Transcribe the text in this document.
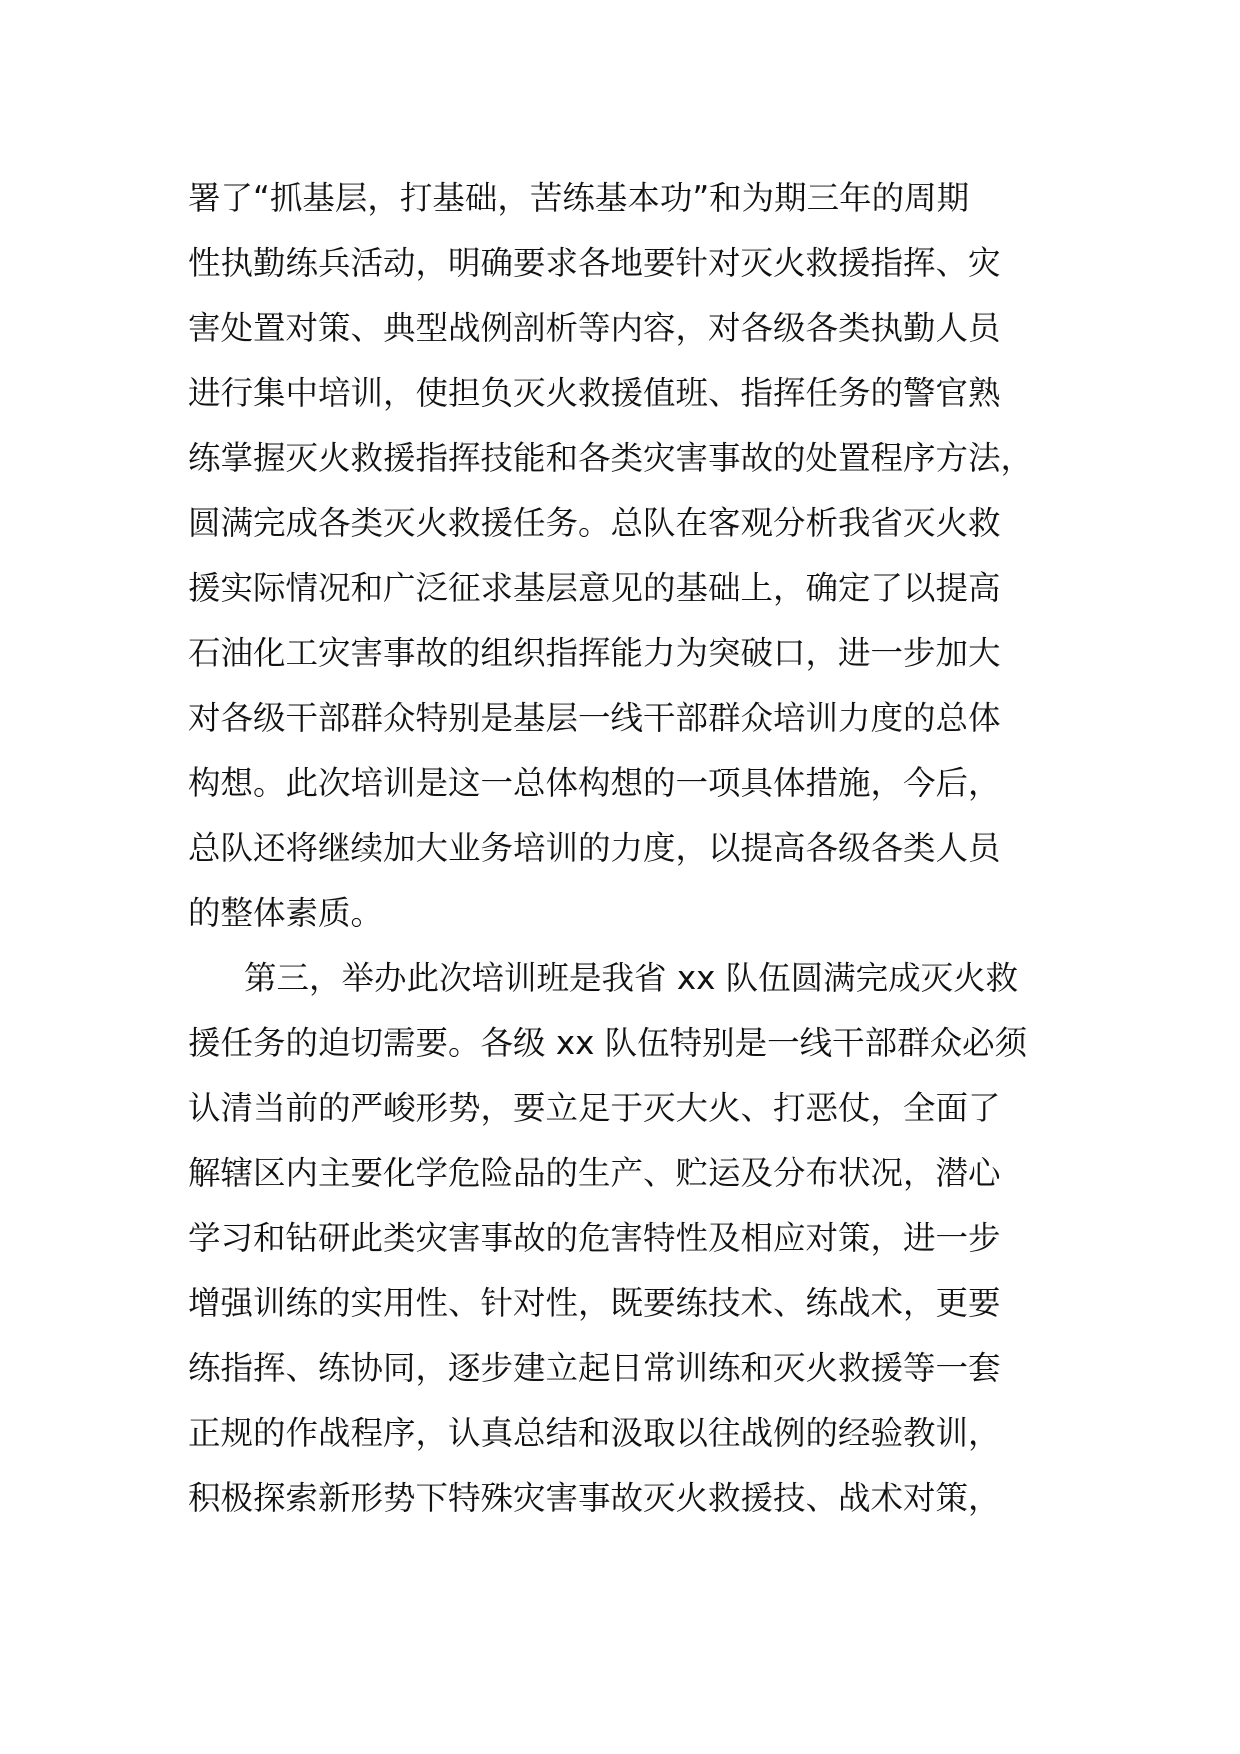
署了“抓基层，打基础，苦练基本功”和为期三年的周期
性执勤练兵活动，明确要求各地要针对灭火救援指挥、灾
害处置对策、典型战例剖析等内容，对各级各类执勤人员
进行集中培训，使担负灭火救援值班、指挥任务的警官熟
练掌握灭火救援指挥技能和各类灾害事故的处置程序方法，
圆满完成各类灭火救援任务。总队在客观分析我省灭火救
援实际情况和广泛征求基层意见的基础上，确定了以提高
石油化工灾害事故的组织指挥能力为突破口，进一步加大
对各级干部群众特别是基层一线干部群众培训力度的总体
构想。此次培训是这一总体构想的一项具体措施，今后，
总队还将继续加大业务培训的力度，以提高各级各类人员
的整体素质。
第三，举办此次培训班是我省 xx 队伍圆满完成灭火救
援任务的迫切需要。各级 xx 队伍特别是一线干部群众必须
认清当前的严峻形势，要立足于灭大火、打恶仗，全面了
解辖区内主要化学危险品的生产、贮运及分布状况，潜心
学习和钻研此类灾害事故的危害特性及相应对策，进一步
增强训练的实用性、针对性，既要练技术、练战术，更要
练指挥、练协同，逐步建立起日常训练和灭火救援等一套
正规的作战程序，认真总结和汲取以往战例的经验教训，
积极探索新形势下特殊灾害事故灭火救援技、战术对策，
